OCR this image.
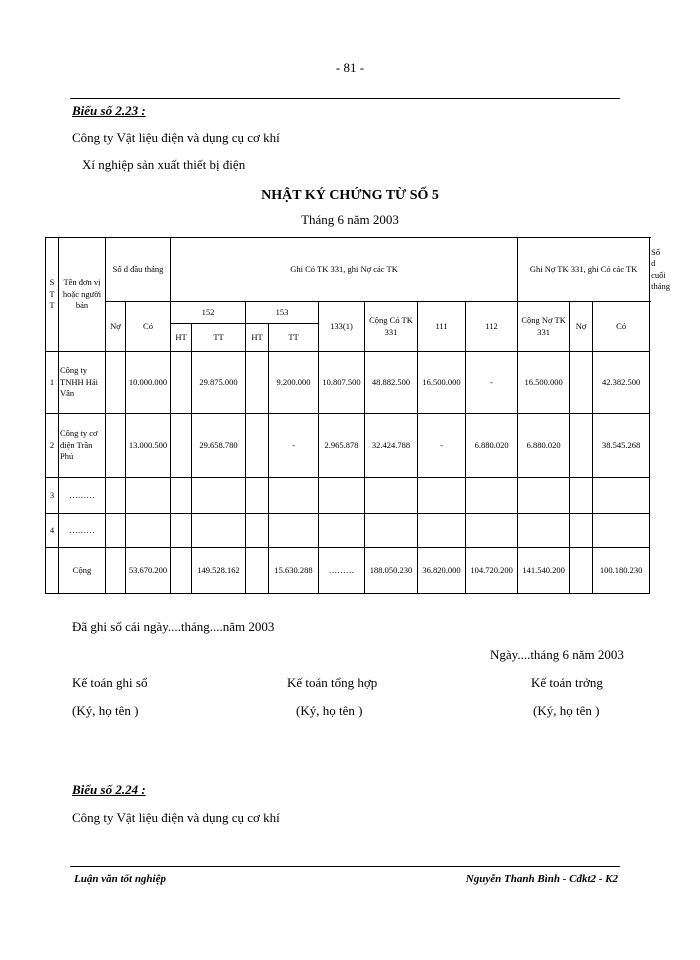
- 81 -
Biểu số 2.23 :
Công ty Vật liệu điện và dụng cụ cơ khí
Xí nghiệp sản xuất thiết bị điện
NHẬT KÝ CHỨNG TỪ SỐ 5
Tháng 6 năm 2003
S T T	Tên đơn vị hoặc người bán	Số d đầu tháng		Ghi Có TK 331, ghi Nợ các TK								Ghi Nợ TK 331, ghi Có các TK			Số d cuối tháng
		Nợ	Có	152		153		133(1)	Cộng Có TK 331	111	112	Cộng Nợ TK 331	Nợ	Có	
				HT	TT	HT	TT								
1	Công ty TNHH Hải Vân		10.000.000		29.875.000		9.200.000	10.807.500	48.882.500	16.500.000	-	16.500.000		42.382.500	
2	Công ty cơ điện Trần Phú		13.000.500		29.658.780		-	2.965.878	32.424.788	-	6.880.020	6.880.020		38.545.268	
3	………														
4	………														
	Cộng		53.670.200		149.528.162		15.630.288	………	188.050.230	36.820.000	104.720.200	141.540.200		100.180.230	
Đã ghi sổ cái ngày....tháng....năm 2003
Ngày....tháng 6 năm 2003
Kế toán ghi sổ
(Ký, họ tên )
Kế toán tổng hợp
(Ký, họ tên )
Kế toán trởng
(Ký, họ tên )
Biểu số 2.24 :
Công ty Vật liệu điện và dụng cụ cơ khí
Luận văn tốt nghiệp	Nguyễn Thanh Bình - Cđkt2 - K2
